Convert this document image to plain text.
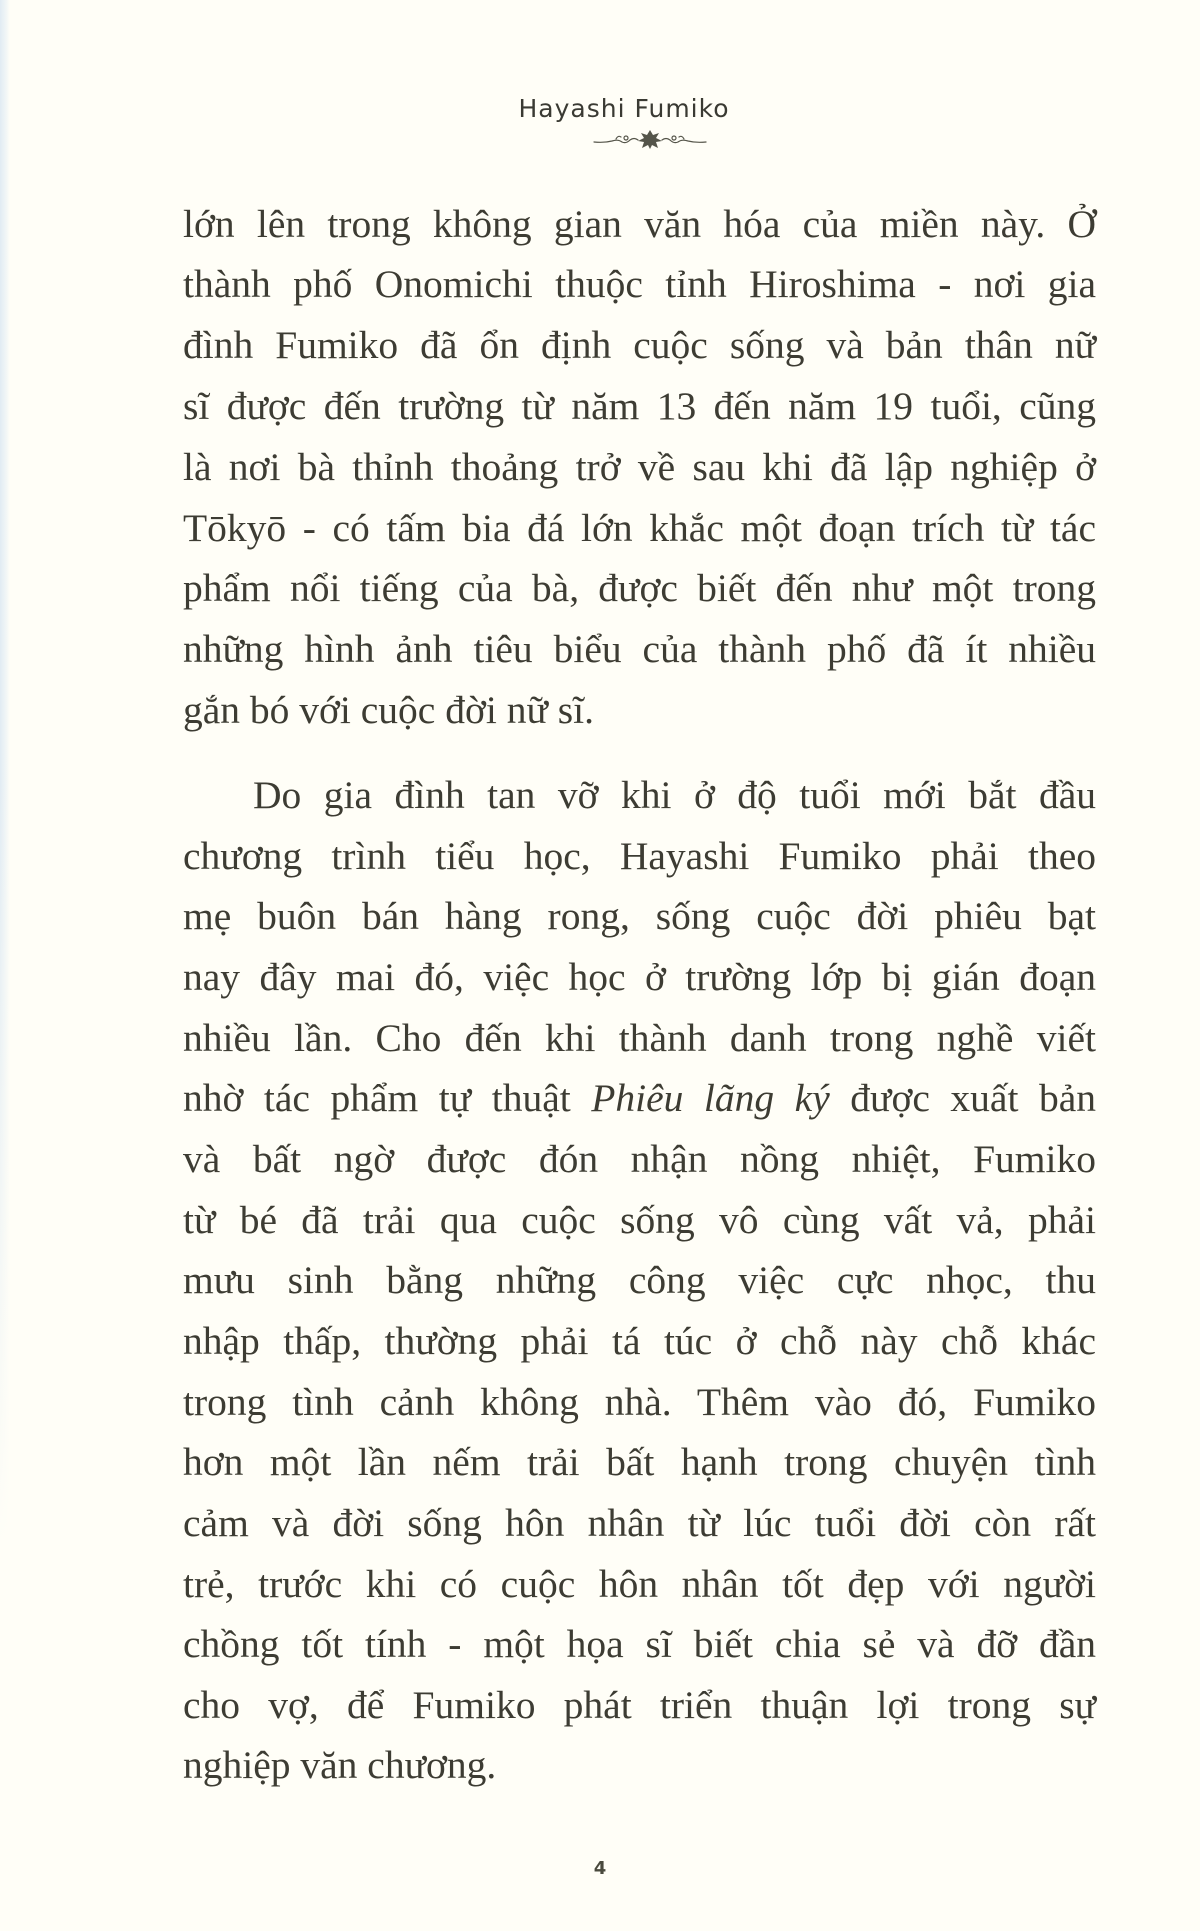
Hayashi Fumiko
lớn lên trong không gian văn hóa của miền này. Ở
thành phố Onomichi thuộc tỉnh Hiroshima - nơi gia
đình Fumiko đã ổn định cuộc sống và bản thân nữ
sĩ được đến trường từ năm 13 đến năm 19 tuổi, cũng
là nơi bà thỉnh thoảng trở về sau khi đã lập nghiệp ở
Tōkyō - có tấm bia đá lớn khắc một đoạn trích từ tác
phẩm nổi tiếng của bà, được biết đến như một trong
những hình ảnh tiêu biểu của thành phố đã ít nhiều
gắn bó với cuộc đời nữ sĩ.
Do gia đình tan vỡ khi ở độ tuổi mới bắt đầu
chương trình tiểu học, Hayashi Fumiko phải theo
mẹ buôn bán hàng rong, sống cuộc đời phiêu bạt
nay đây mai đó, việc học ở trường lớp bị gián đoạn
nhiều lần. Cho đến khi thành danh trong nghề viết
nhờ tác phẩm tự thuật Phiêu lãng ký được xuất bản
và bất ngờ được đón nhận nồng nhiệt, Fumiko
từ bé đã trải qua cuộc sống vô cùng vất vả, phải
mưu sinh bằng những công việc cực nhọc, thu
nhập thấp, thường phải tá túc ở chỗ này chỗ khác
trong tình cảnh không nhà. Thêm vào đó, Fumiko
hơn một lần nếm trải bất hạnh trong chuyện tình
cảm và đời sống hôn nhân từ lúc tuổi đời còn rất
trẻ, trước khi có cuộc hôn nhân tốt đẹp với người
chồng tốt tính - một họa sĩ biết chia sẻ và đỡ đần
cho vợ, để Fumiko phát triển thuận lợi trong sự
nghiệp văn chương.
4
